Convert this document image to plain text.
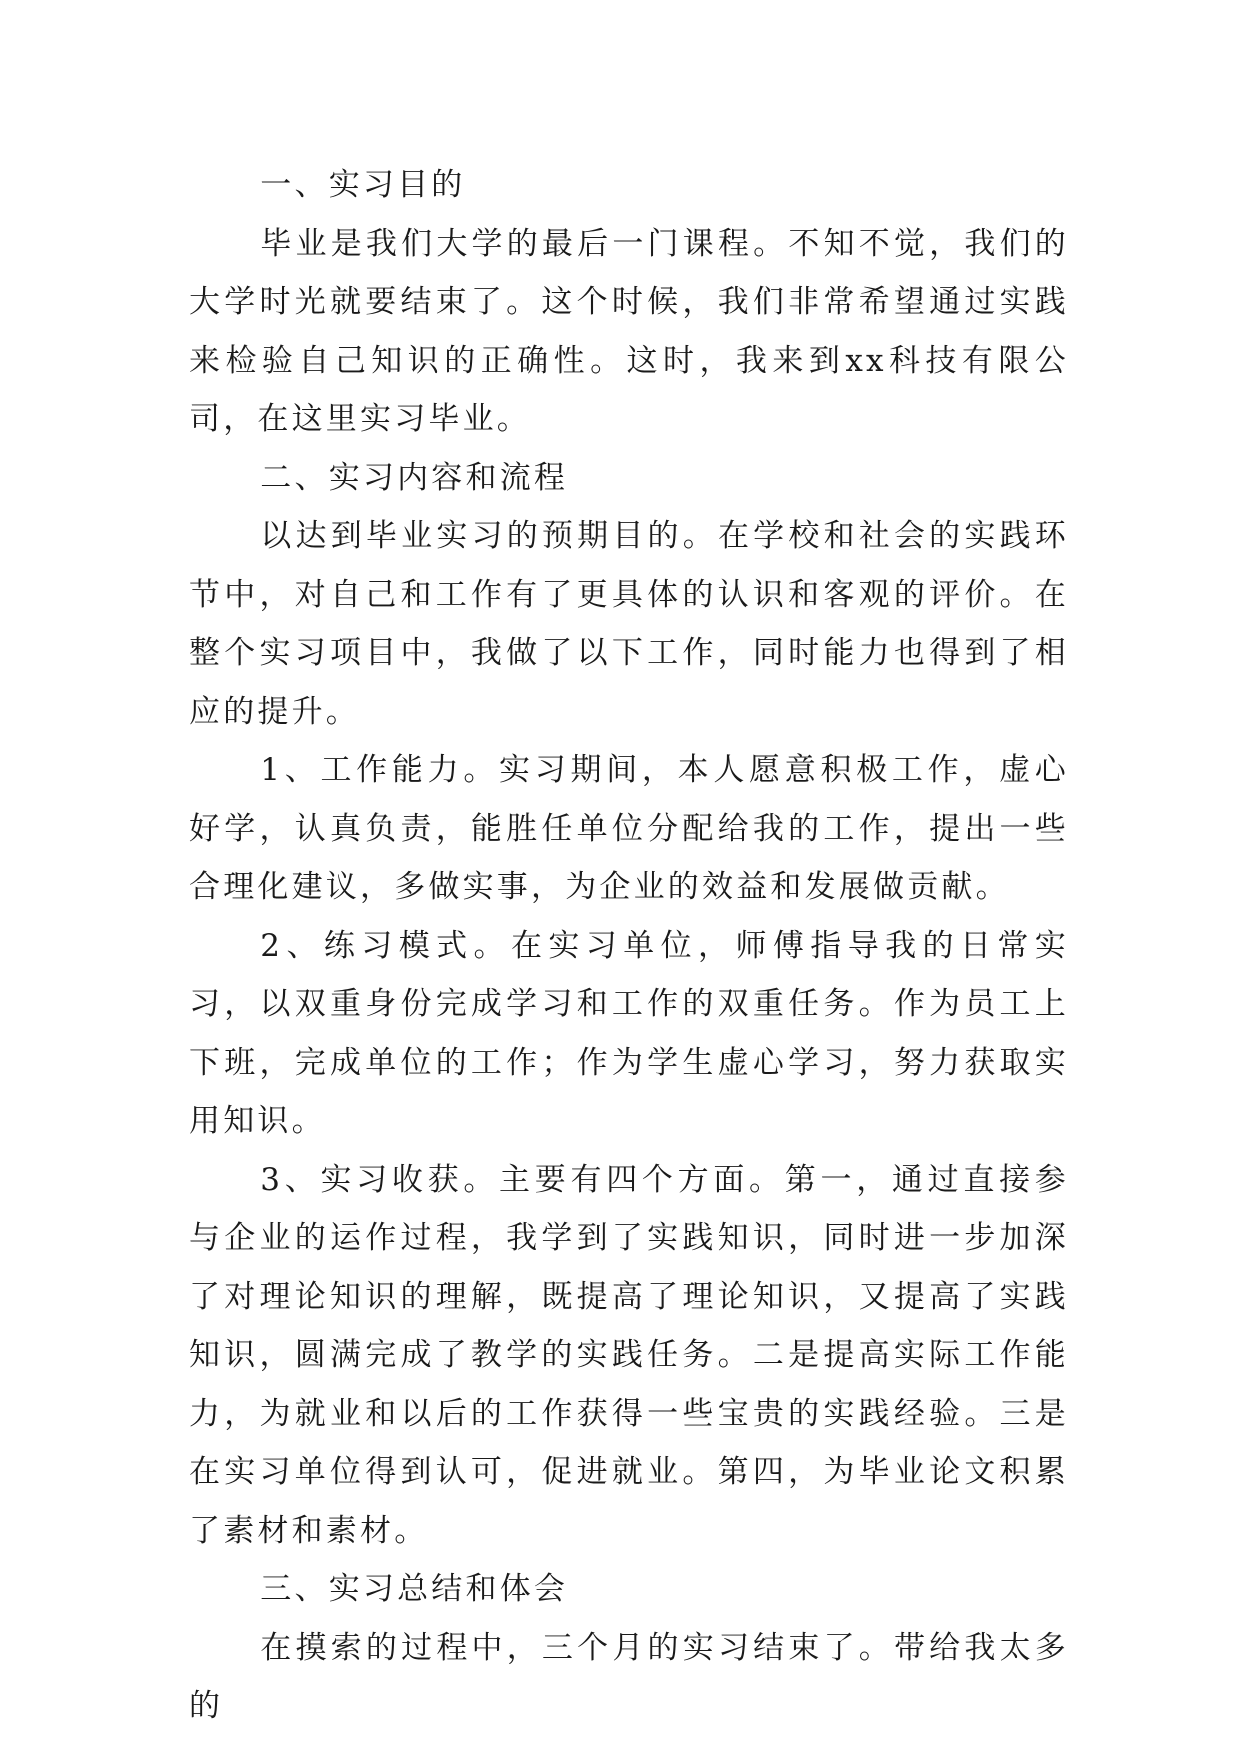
一、实习目的

毕业是我们大学的最后一门课程。不知不觉，我们的大学时光就要结束了。这个时候，我们非常希望通过实践来检验自己知识的正确性。这时，我来到xx科技有限公司，在这里实习毕业。

二、实习内容和流程

以达到毕业实习的预期目的。在学校和社会的实践环节中，对自己和工作有了更具体的认识和客观的评价。在整个实习项目中，我做了以下工作，同时能力也得到了相应的提升。

1、工作能力。实习期间，本人愿意积极工作，虚心好学，认真负责，能胜任单位分配给我的工作，提出一些合理化建议，多做实事，为企业的效益和发展做贡献。

2、练习模式。在实习单位，师傅指导我的日常实习，以双重身份完成学习和工作的双重任务。作为员工上下班，完成单位的工作；作为学生虚心学习，努力获取实用知识。

3、实习收获。主要有四个方面。第一，通过直接参与企业的运作过程，我学到了实践知识，同时进一步加深了对理论知识的理解，既提高了理论知识，又提高了实践知识，圆满完成了教学的实践任务。二是提高实际工作能力，为就业和以后的工作获得一些宝贵的实践经验。三是在实习单位得到认可，促进就业。第四，为毕业论文积累了素材和素材。

三、实习总结和体会

在摸索的过程中，三个月的实习结束了。带给我太多的
